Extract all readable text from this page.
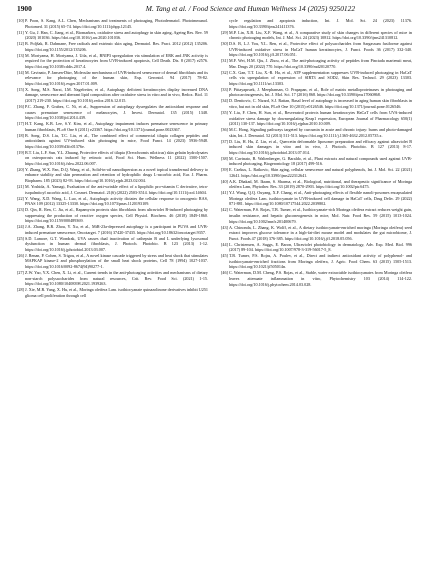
1900	M. Tang et al. / Food Science and Human Wellness 14 (2025) 9250122

[10]P. Poon, S. Kang, A.L. Chen, Mechanisms and treatments of photoaging, Photodermatol. Photoimmunol. Photomed. 31 (2015) 65-74. https://doi.org/10.1111/phpp.12145.

[11]Y. Gu, J. Han, C. Jiang, et al., Biomarkers, oxidative stress and autophagy in skin aging, Ageing Res. Rev. 59 (2020) 101036. https://doi.org/10.1016/j.arr.2020.101036.

[12]B. Poljšak, R. Dahmane, Free radicals and extrinsic skin aging, Dermatol. Res. Pract. 2012 (2012) 135206. https://doi.org/10.1155/2012/135206.

[13]M. Moriyama, H. Moriyama, J. Uda, et al., BNIP3 upregulation via stimulation of ERK and JNK activity is required for the protection of keratinocytes from UVB-induced apoptosis, Cell Death. Dis. 8 (2017) e2576. https://doi.org/10.1038/cddis.2017.4.

[14]M. Cavinato, P. Jansen-Dürr, Molecular mechanisms of UVB-induced senescence of dermal fibroblasts and its relevance for photoaging of the human skin, Exp. Gerontol. 94 (2017) 78-82. https://doi.org/10.1016/j.exger.2017.01.009.

[15]X. Song, M.S. Narzt, I.M. Nagelreiter, et al., Autophagy deficient keratinocytes display increased DNA damage, senescence and aberrant lipid composition after oxidative stress in vitro and in vivo, Redox. Biol. 11 (2017) 219-230. https://doi.org/10.1016/j.redox.2016.12.015.

[16]P.C. Zhang, F. Grabez, C. Ni, et al., Suppression of autophagy dysregulates the antioxidant response and causes premature senescence of melanocytes, J. Invest. Dermatol. 135 (2015) 1348. https://doi.org/10.1038/jid.2014.439.

[17]H.T. Kang, K.B. Lee, S.Y. Kim, et al., Autophagy impairment induces premature senescence in primary human fibroblasts, PLoS One 6 (2011) e23367. https://doi.org/10.1371/journal.pone.0023367.

[18]B. Song, D.S. Liu, T.C. Liu, et al., The combined effect of commercial tilapia collagen peptides and antioxidants against UV-induced skin photoaging in mice, Food Funct. 14 (2023) 5936-5948. https://doi.org/10.1039/d3fo01376e.

[19]B.T. Liu, L.F. Sun, Y.L. Zhuang, Protective effects of tilapia (Oreochromis niloticus) skin gelatin hydrolysates on osteoporosis rats induced by retinoic acid, Food Sci. Hum. Wellness 11 (2022) 1500-1507. https://doi.org/10.1016/j.fshw.2022.06.007.

[20]Y. Zhang, W.X. Fan, D.Q. Wang, et al., Solid-in-oil nanodispersion as a novel topical transdermal delivery to enhance stability and skin permeation and retention of hydrophilic drugs L-ascorbic acid, Eur. J. Pharm. Biopharm. 185 (2023) 82-93. https://doi.org/10.1016/j.ejpb.2023.02.004.

[21]M. Yoshida, A. Yamagi, Evaluation of the anti-wrinkle effect of a lipophilic pro-vitamin C derivative, tetra-isopalmitoyl ascorbic acid, J. Cosmet. Dermatol. 21(6) (2022) 2503-3514. https://doi.org/10.1111/jocd.14604.

[22]Y. Wang, X.D. Wang, L. Luo, et al., Autophagic activity dictates the cellular response to oncogenic RAS, PNAS 109 (2012) 13325-13330. https://doi.org/10.1073/pnas.1120193109.

[23]D. Qin, R. Ren, C. Jia, et al., Rapamycin protects skin fibroblasts from ultraviolet B-induced photoaging by suppressing the production of reactive oxygen species, Cell Physiol. Biochem. 46 (2018) 1849-1860. https://doi.org/10.1159/000489369.

[24]J.A. Zhang, B.R. Zhou, Y. Xu, et al., MiR-23a-depressed autophagy is a participant in PUVA and UVB-induced premature senescence, Oncotarget. 7 (2016) 37420-37435. https://doi.org/10.18632/oncotarget.9357.

[25]S.D. Lamore, G.T. Wondrak, UVA causes dual inactivation of cathepsin B and L underlying lysosomal dysfunction in human dermal fibroblasts, J. Photoch. Photobio. B 123 (2013) 1-12. https://doi.org/10.1016/j.jphotobiol.2013.03.007.

[26]J. Renan, P. Cohen, S. Trigou, et al., A novel kinase cascade triggered by stress and heat shock that stimulates MAPKAP kinase-2 and phosphorylation of the small heat shock proteins, Cell 78 (1994) 1027-1037. https://doi.org/10.1016/0092-8674(94)90277-1.

[27]Z.W. Yao, Y.X. Chen, X. Li, et al., Current trends in the anti-photoaging activities and mechanisms of dietary non-starch polysaccharides from natural resources, Crit. Rev. Food Sci. (2021) 1-15. https://doi.org/10.1080/10408398.2021.1939263.

[28]J. Xie, M.R. Yang, X. Hu, et al., Moringa oleifera Lam. isothiocyanate quinazolinone derivatives inhibit U251 glioma cell proliferation through cell

cycle regulation and apoptosis induction, Int. J. Mol. Sci. 24 (2023) 11376. https://doi.org/10.3390/ijms241411376.

[29]M.P. Lin, X.B. Liu, X.F. Wang, et al., A comparative study of skin changes in different species of mice in chronic photoaging models, Int. J. Mol. Sci. 24 (2023) 10812. https://doi.org/10.3390/ijms241310812.

[30]D.S. B, L.J. You, Y.L. Ren, et al., Protective effect of polysaccharides from Sargassum fusiforme against UVB-induced oxidative stress in HaCaT human keratinocytes, J. Funct. Foods 36 (2017) 332-340. https://doi.org/10.1016/j.jff.2017.06.051.

[31]M.F. Wei, H.M. Qiu, J. Zhou, et al., The anti-photoaging activity of peptides from Pinctada martensii meat, Mar. Drugs 20 (2022) 770. https://doi.org/10.3390/md20120770.

[32]C.X. Gan, T.T. Liu, X.-R. Ha, et al., ATP supplementation suppresses UVB-induced photoaging in HaCaT cells via upregulation of expression of SIRT3 and SOD2, Skin Res. Technol. 29 (2023) 13303. https://doi.org/10.1111/srt.13303.

[33]P. Pittayapruek, J. Meephansan, O. Prapapan, et al., Role of matrix metalloproteinases in photoaging and photocarcinogenesis, Int. J. Mol. Sci. 17 (2016) 868. https://doi.org/10.3390/ijms17060868.

[34]D. Denitovic, C. Nizard, S.J. Rattan, Basal level of autophagy is increased in aging human skin fibroblasts in vitro, but not in old skin, PLoS One 10 (2015) e0126546. https://doi.org/10.1371/journal.pone.0126546.

[35]Y. Liu, F. Chen, H. Sun, et al., Resveratrol protects human keratinocytes HaCaT cells from UVA-induced oxidative stress damage by downregulating Keap1 expression, European Journal of Pharmacology 650(1) (2011) 130-137. https://doi.org/10.1016/j.ejphar.2010.10.009.

[36]M.C. Hong, Signaling pathways targeted by curcumin in acute and chronic injury: burns and photo-damaged skin, Int. J. Dermatol. 52 (2013) 511-513. https://doi.org/10.1111/j.1365-4632.2012.05735.x.

[37]D. Liu, H. Hu, Z. Lin, et al., Quercetin deformable liposome: preparation and efficacy against ultraviolet B induced skin damages in vitro and in vivo, J. Photoch. Photobio. B 127 (2013) 8-17. https://doi.org/10.1016/j.jphotobiol.2013.07.014.

[38]M. Cavinato, B. Waltenberger, G. Baraldo, et al., Plant extracts and natural compounds used against UVB-induced photoaging, Biogerontology 18 (2017) 499-516.

[39]E. Czekus, L. Ratkovic, Skin aging, cellular senescence and natural polyphenols, Int. J. Mol. Sci. 22 (2021) 12641. https://doi.org/10.3390/ijms222312641.

[40]A.K. Dhakad, M. Ikram, S. Sharma, et al., Biological, nutritional, and therapeutic significance of Moringa oleifera Lam, Phytother. Res. 33 (2019) 2870-2903. https://doi.org/10.1002/ptr.6475.

[41]Y.J. Wang, Q.Q. Ouyang, X.F. Chang, et al., Anti-photoaging effects of flexible nanoli-posomes encapsulated Moringa oleifera Lam. isothiocyanate in UVB-induced cell damage in HaCaT cells, Drug Deliv. 29 (2022) 871-881. https://doi.org/10.1080/10717544.2022.2039802.

[42]C. Waterman, P.S. Rojas, T.B. Tumer, et al., Isothiocyanate-rich Moringa oleifera extract reduces weight gain, insulin resistance, and hepatic gluconeogenesis in mice, Mol. Nutr. Food Res. 59 (2015) 1013-1024. https://doi.org/10.1002/mnfr.201400679.

[43]A. Chinonda, L. Zhang, K. Wolff, et al., A dietary isothiocyanate-enriched moringa (Moringa oleifera) seed extract improves glucose tolerance in a high-fat-diet mouse model and modulates the gut microbiome, J. Funct. Foods 47 (2018) 376-385. https://doi.org/10.1016/j.jff.2018.05.056.

[44]L. Christensen, A. Suggs, E. Baron, Ultraviolet photobiology in dermatology, Adv. Exp. Med. Biol. 996 (2017) 89-104. https://doi.org/10.1007/978-3-319-56017-5_8.

[45]T.B. Tumer, P.S. Rojas, A. Poulev, et al., Direct and indirect antioxidant activity of polyphenol- and isothiocyanate-enriched fractions from Moringa oleifera, J. Agric. Food Chem. 63 (2015) 1505-1513. https://doi.org/10.1021/jf505014n.

[46]C. Waterman, D.M. Cheng, P.S. Rojas, et al., Stable, water extractable isothiocyanates from Moringa oleifera leaves attenuate inflammation in vitro, Phytochemistry 103 (2014) 114-122. https://doi.org/10.1016/j.phytochem.2014.03.028.
